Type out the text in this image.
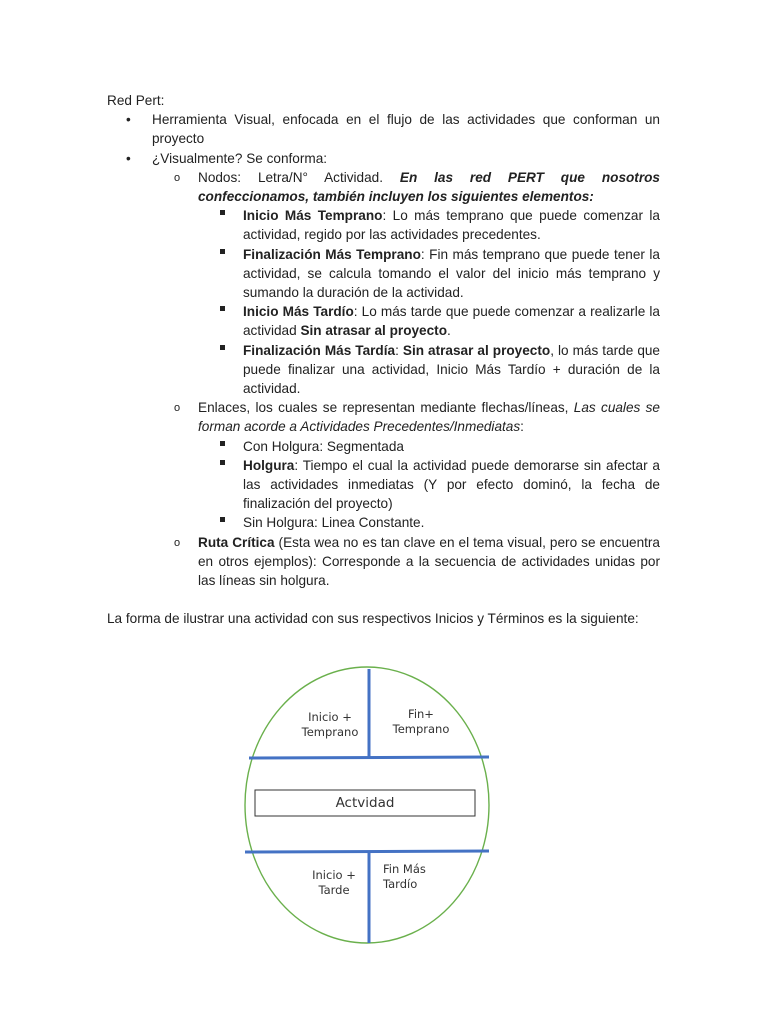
Red Pert:

• Herramienta Visual, enfocada en el flujo de las actividades que conforman un proyecto
• ¿Visualmente? Se conforma:
o Nodos: Letra/N° Actividad. En las red PERT que nosotros confeccionamos, también incluyen los siguientes elementos:
Inicio Más Temprano: Lo más temprano que puede comenzar la actividad, regido por las actividades precedentes.
Finalización Más Temprano: Fin más temprano que puede tener la actividad, se calcula tomando el valor del inicio más temprano y sumando la duración de la actividad.
Inicio Más Tardío: Lo más tarde que puede comenzar a realizarle la actividad Sin atrasar al proyecto.
Finalización Más Tardía: Sin atrasar al proyecto, lo más tarde que puede finalizar una actividad, Inicio Más Tardío + duración de la actividad.
o Enlaces, los cuales se representan mediante flechas/líneas, Las cuales se forman acorde a Actividades Precedentes/Inmediatas:
Con Holgura: Segmentada
Holgura: Tiempo el cual la actividad puede demorarse sin afectar a las actividades inmediatas (Y por efecto dominó, la fecha de finalización del proyecto)
Sin Holgura: Linea Constante.
o Ruta Crítica (Esta wea no es tan clave en el tema visual, pero se encuentra en otros ejemplos): Corresponde a la secuencia de actividades unidas por las líneas sin holgura.

La forma de ilustrar una actividad con sus respectivos Inicios y Términos es la siguiente:

Inicio +
Temprano
Fin+
Temprano
Actvidad
Inicio +
Tarde
Fin Más
Tardío
